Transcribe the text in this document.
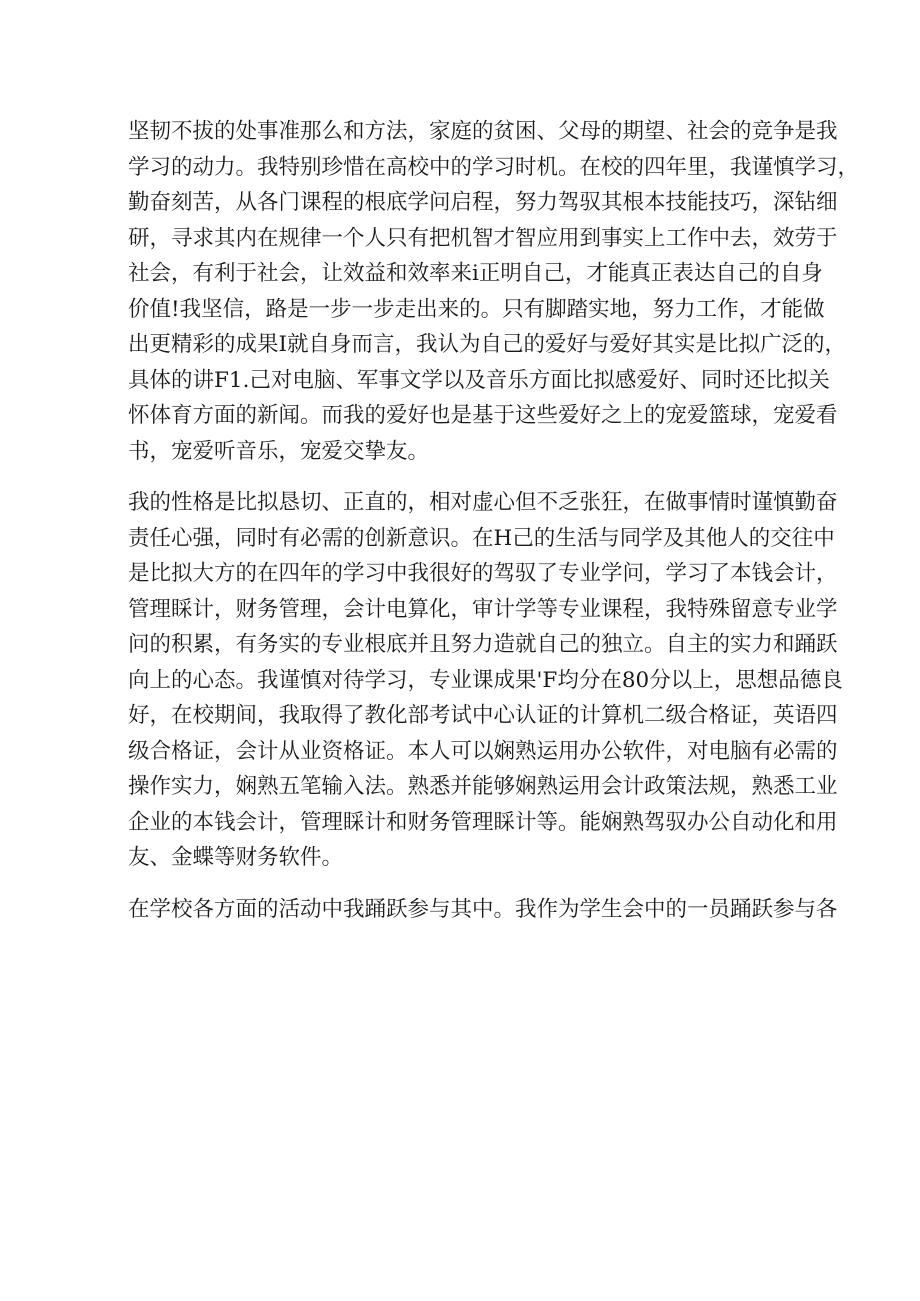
坚韧不拔的处事准那么和方法，家庭的贫困、父母的期望、社会的竞争是我
学习的动力。我特别珍惜在高校中的学习时机。在校的四年里，我谨慎学习，
勤奋刻苦，从各门课程的根底学问启程，努力驾驭其根本技能技巧，深钻细
研，寻求其内在规律一个人只有把机智才智应用到事实上工作中去，效劳于
社会，有利于社会，让效益和效率来i正明自己，才能真正表达自己的自身
价值!我坚信，路是一步一步走出来的。只有脚踏实地，努力工作，才能做
出更精彩的成果I就自身而言，我认为自己的爱好与爱好其实是比拟广泛的，
具体的讲F1.己对电脑、军事文学以及音乐方面比拟感爱好、同时还比拟关
怀体育方面的新闻。而我的爱好也是基于这些爱好之上的宠爱篮球，宠爱看
书，宠爱听音乐，宠爱交挚友。

我的性格是比拟恳切、正直的，相对虚心但不乏张狂，在做事情时谨慎勤奋
责任心强，同时有必需的创新意识。在H己的生活与同学及其他人的交往中
是比拟大方的在四年的学习中我很好的驾驭了专业学问，学习了本钱会计，
管理睬计，财务管理，会计电算化，审计学等专业课程，我特殊留意专业学
问的积累，有务实的专业根底并且努力造就自己的独立。自主的实力和踊跃
向上的心态。我谨慎对待学习，专业课成果'F均分在80分以上，思想品德良
好，在校期间，我取得了教化部考试中心认证的计算机二级合格证，英语四
级合格证，会计从业资格证。本人可以娴熟运用办公软件，对电脑有必需的
操作实力，娴熟五笔输入法。熟悉并能够娴熟运用会计政策法规，熟悉工业
企业的本钱会计，管理睬计和财务管理睬计等。能娴熟驾驭办公自动化和用
友、金蝶等财务软件。

在学校各方面的活动中我踊跃参与其中。我作为学生会中的一员踊跃参与各
